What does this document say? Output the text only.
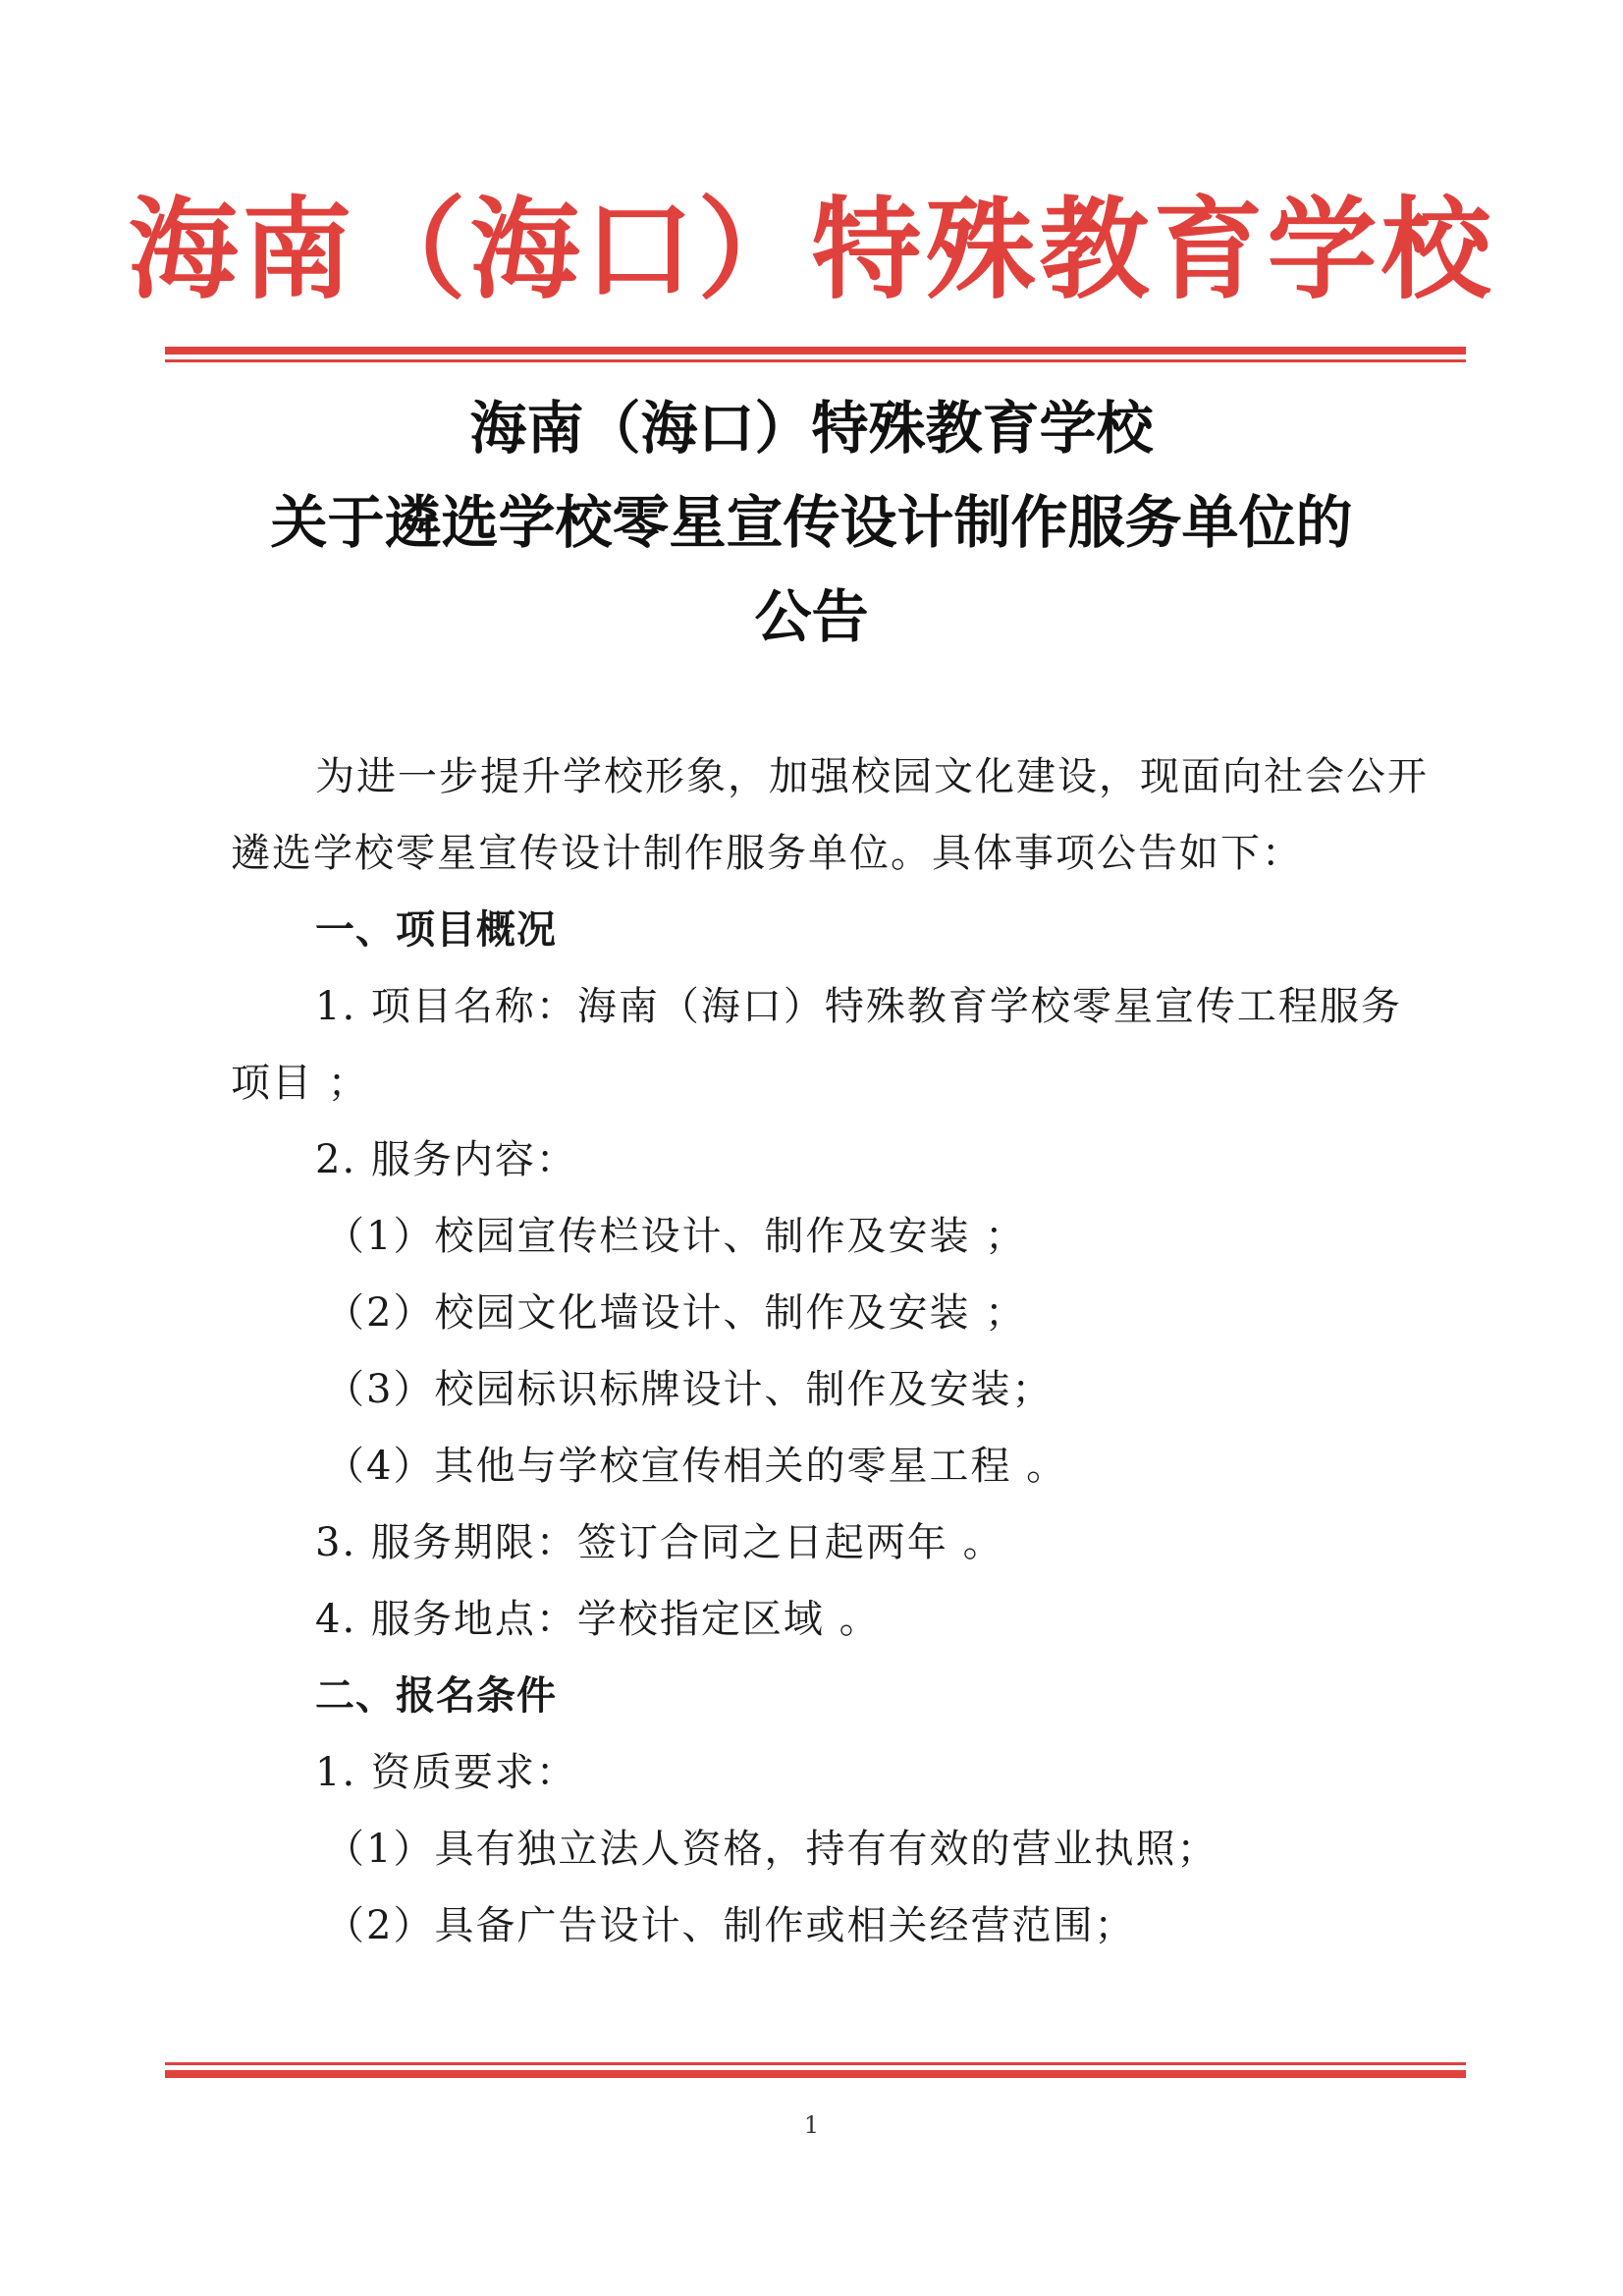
海南（海口）特殊教育学校
海南（海口）特殊教育学校
关于遴选学校零星宣传设计制作服务单位的
公告

为进一步提升学校形象，加强校园文化建设，现面向社会公开遴选学校零星宣传设计制作服务单位。具体事项公告如下：

一、项目概况

1. 项目名称：海南（海口）特殊教育学校零星宣传工程服务项目 ；

2. 服务内容：

（1）校园宣传栏设计、制作及安装 ；

（2）校园文化墙设计、制作及安装 ；

（3）校园标识标牌设计、制作及安装；

（4）其他与学校宣传相关的零星工程 。

3. 服务期限：签订合同之日起两年 。

4. 服务地点：学校指定区域 。

二、报名条件

1. 资质要求：

（1）具有独立法人资格，持有有效的营业执照；

（2）具备广告设计、制作或相关经营范围；

1
